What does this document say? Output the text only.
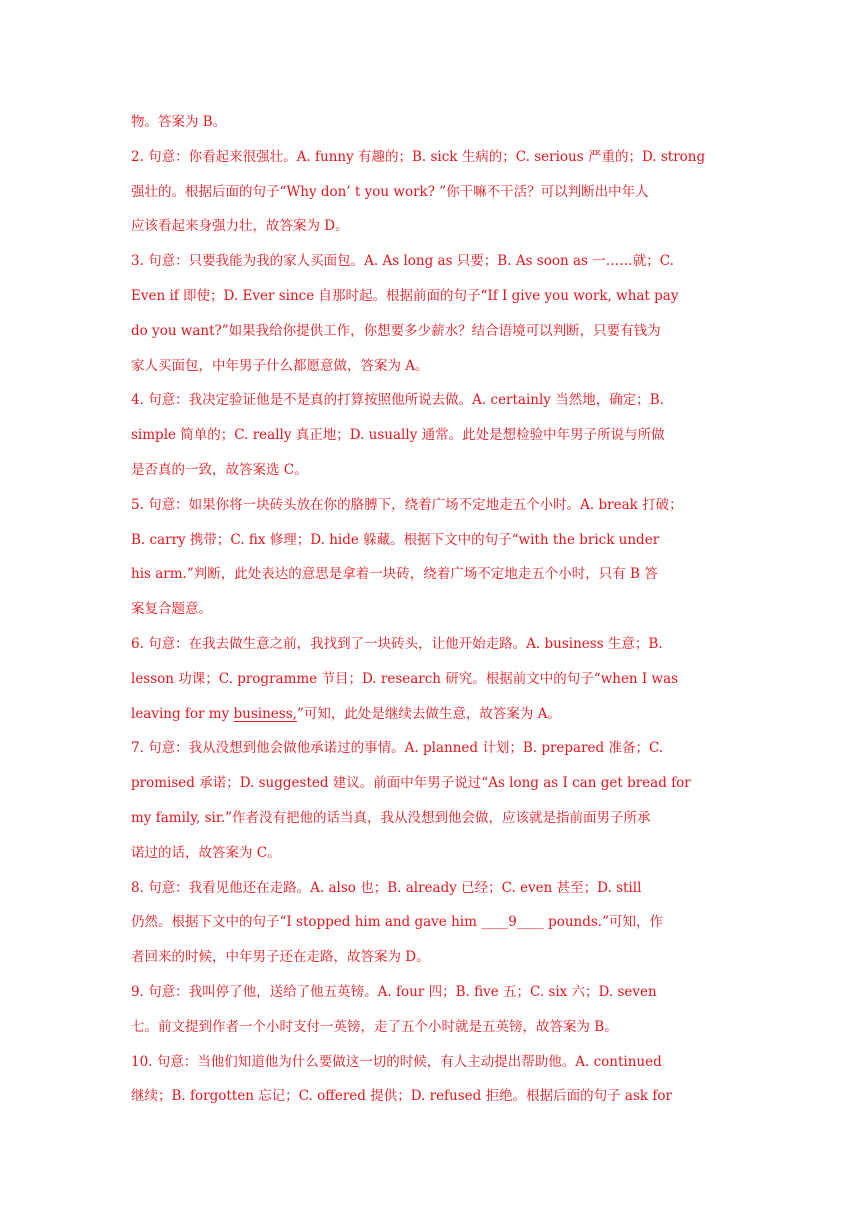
物。答案为 B。
2. 句意：你看起来很强壮。A. funny 有趣的；B. sick 生病的；C. serious 严重的；D. strong
强壮的。根据后面的句子“Why don’ t you work? ”你干嘛不干活？可以判断出中年人
应该看起来身强力壮，故答案为 D。
3. 句意：只要我能为我的家人买面包。A. As long as 只要；B. As soon as 一……就；C.
Even if 即使；D. Ever since 自那时起。根据前面的句子“If I give you work, what pay
do you want?”如果我给你提供工作，你想要多少薪水？结合语境可以判断，只要有钱为
家人买面包，中年男子什么都愿意做，答案为 A。
4. 句意：我决定验证他是不是真的打算按照他所说去做。A. certainly 当然地，确定；B.
simple 简单的；C. really 真正地；D. usually 通常。此处是想检验中年男子所说与所做
是否真的一致，故答案选 C。
5. 句意：如果你将一块砖头放在你的胳膊下，绕着广场不定地走五个小时。A. break 打破；
B. carry 携带；C. fix 修理；D. hide 躲藏。根据下文中的句子“with the brick under
his arm.”判断，此处表达的意思是拿着一块砖，绕着广场不定地走五个小时，只有 B 答
案复合题意。
6. 句意：在我去做生意之前，我找到了一块砖头，让他开始走路。A. business 生意；B.
lesson 功课；C. programme 节目；D. research 研究。根据前文中的句子“when I was
leaving for my business,”可知，此处是继续去做生意，故答案为 A。
7. 句意：我从没想到他会做他承诺过的事情。A. planned 计划；B. prepared 准备；C.
promised 承诺；D. suggested 建议。前面中年男子说过“As long as I can get bread for
my family, sir.”作者没有把他的话当真，我从没想到他会做，应该就是指前面男子所承
诺过的话，故答案为 C。
8. 句意：我看见他还在走路。A. also 也；B. already 已经；C. even 甚至；D. still
仍然。根据下文中的句子“I stopped him and gave him ____9____ pounds.”可知，作
者回来的时候，中年男子还在走路，故答案为 D。
9. 句意：我叫停了他，送给了他五英镑。A. four 四；B. five 五；C. six 六；D. seven
七。前文提到作者一个小时支付一英镑，走了五个小时就是五英镑，故答案为 B。
10. 句意：当他们知道他为什么要做这一切的时候，有人主动提出帮助他。A. continued
继续；B. forgotten 忘记；C. offered 提供；D. refused 拒绝。根据后面的句子 ask for
